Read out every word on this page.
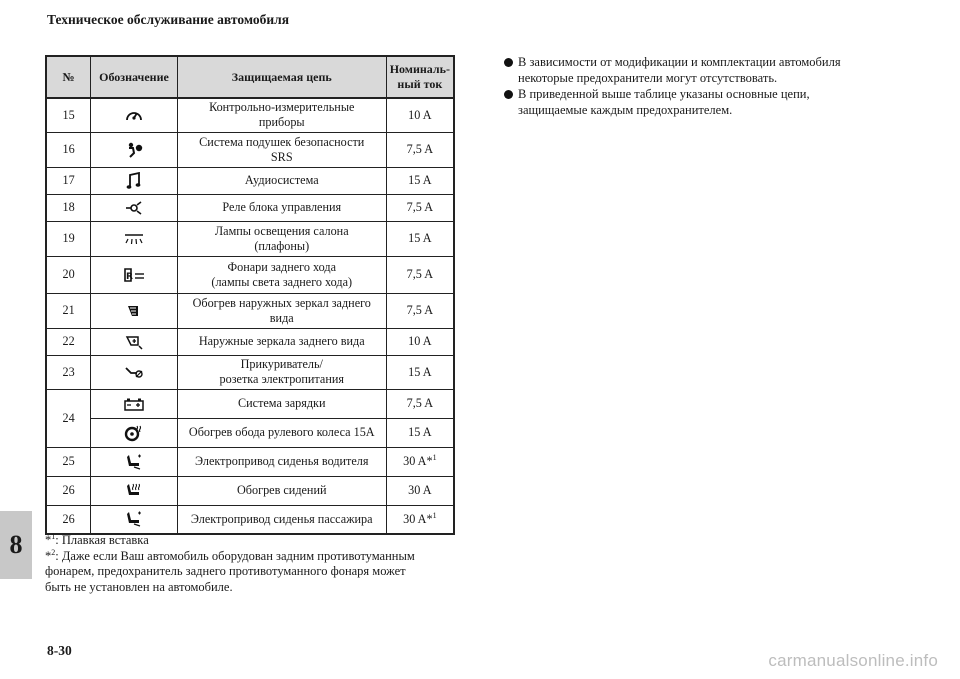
Техническое обслуживание автомобиля
№	Обозначение	Защищаемая цепь	Номиналь-
ный ток
15		Контрольно-измерительные
приборы	10 A
16		Система подушек безопасности
SRS	7,5 A
17		Аудиосистема	15 A
18		Реле блока управления	7,5 A
19		Лампы освещения салона
(плафоны)	15 A
20	R	Фонари заднего хода
(лампы света заднего хода)	7,5 A
21		Обогрев наружных зеркал заднего
вида	7,5 A
22		Наружные зеркала заднего вида	10 A
23		Прикуриватель/
розетка электропитания	15 A
24		Система зарядки	7,5 A

	Обогрев обода рулевого колеса 15A	15 A
25		Электропривод сиденья водителя	30 A*$^1$
26		Обогрев сидений	30 A
26		Электропривод сиденья пассажира	30 A*$^1$

*$^1$: Плавкая вставка

*$^2$: Даже если Ваш автомобиль оборудован задним противотуманным
фонарем, предохранитель заднего противотуманного фонаря может
быть не установлен на автомобиле.

В зависимости от модификации и комплектации автомобиля
некоторые предохранители могут отсутствовать.
В приведенной выше таблице указаны основные цепи,
защищаемые каждым предохранителем.
8
8-30
carmanualsonline.info
